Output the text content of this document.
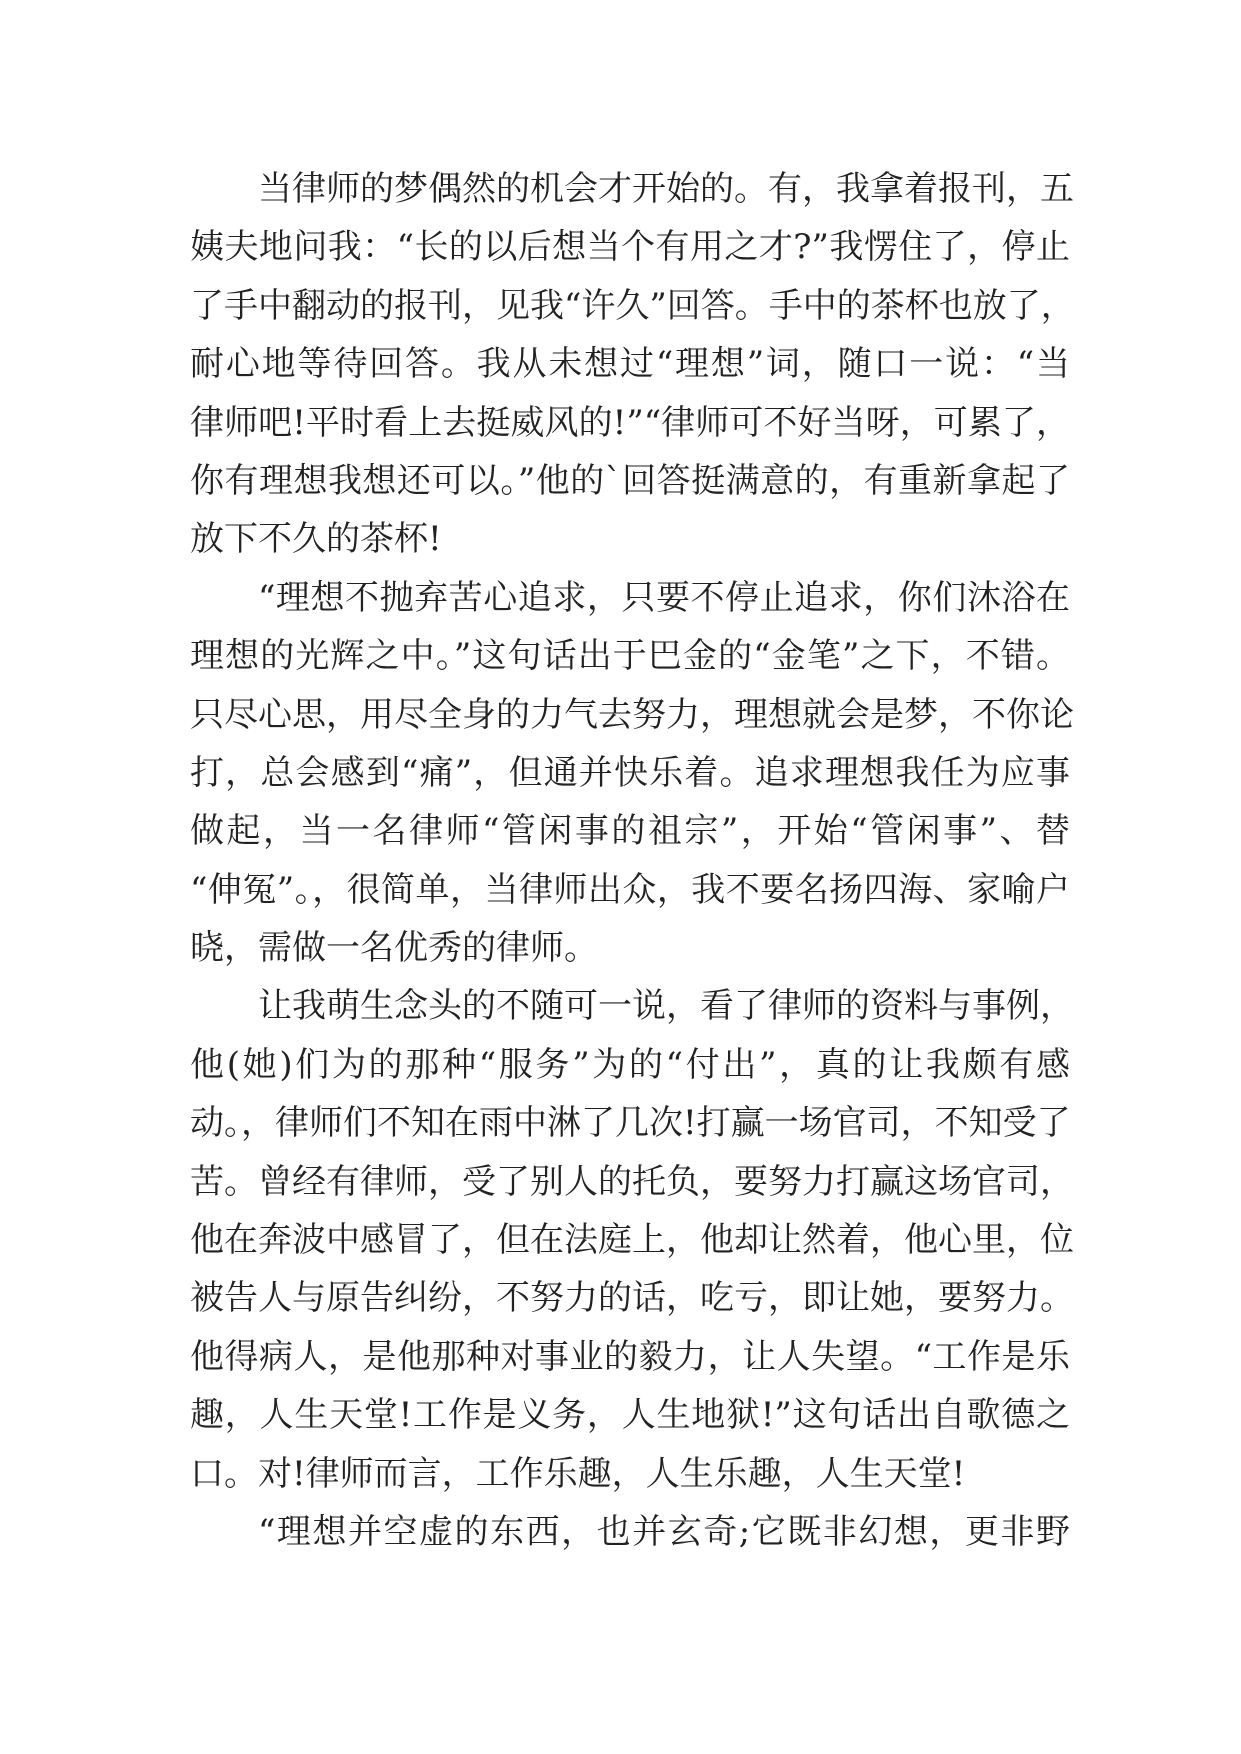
当律师的梦偶然的机会才开始的。有，我拿着报刊，五
姨夫地问我：“长的以后想当个有用之才?”我愣住了，停止
了手中翻动的报刊，见我“许久”回答。手中的茶杯也放了，
耐心地等待回答。我从未想过“理想”词，随口一说：“当
律师吧!平时看上去挺威风的!”“律师可不好当呀，可累了，
你有理想我想还可以。”他的`回答挺满意的，有重新拿起了
放下不久的茶杯!
“理想不抛弃苦心追求，只要不停止追求，你们沐浴在
理想的光辉之中。”这句话出于巴金的“金笔”之下，不错。
只尽心思，用尽全身的力气去努力，理想就会是梦，不你论
打，总会感到“痛”，但通并快乐着。追求理想我任为应事
做起，当一名律师“管闲事的祖宗”，开始“管闲事”、替
“伸冤”。，很简单，当律师出众，我不要名扬四海、家喻户
晓，需做一名优秀的律师。
让我萌生念头的不随可一说，看了律师的资料与事例，
他(她)们为的那种“服务”为的“付出”，真的让我颇有感
动。，律师们不知在雨中淋了几次!打赢一场官司，不知受了
苦。曾经有律师，受了别人的托负，要努力打赢这场官司，
他在奔波中感冒了，但在法庭上，他却让然着，他心里，位
被告人与原告纠纷，不努力的话，吃亏，即让她，要努力。
他得病人，是他那种对事业的毅力，让人失望。“工作是乐
趣，人生天堂!工作是义务，人生地狱!”这句话出自歌德之
口。对!律师而言，工作乐趣，人生乐趣，人生天堂!
“理想并空虚的东西，也并玄奇;它既非幻想，更非野
